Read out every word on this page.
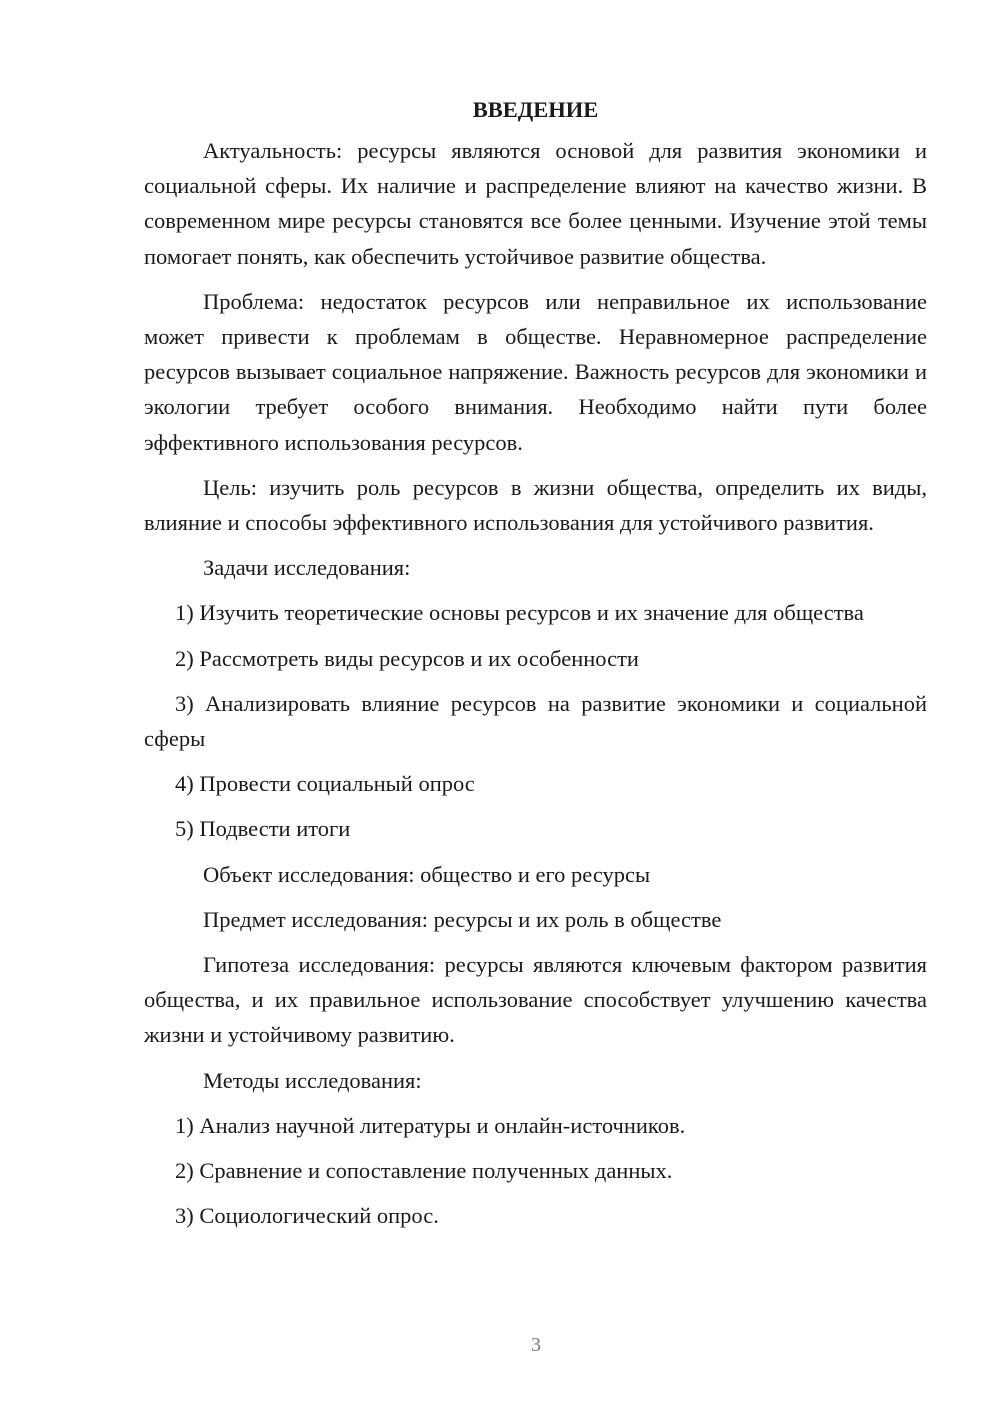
ВВЕДЕНИЕ

Актуальность: ресурсы являются основой для развития экономики и социальной сферы. Их наличие и распределение влияют на качество жизни. В современном мире ресурсы становятся все более ценными. Изучение этой темы помогает понять, как обеспечить устойчивое развитие общества.

Проблема: недостаток ресурсов или неправильное их использование может привести к проблемам в обществе. Неравномерное распределение ресурсов вызывает социальное напряжение. Важность ресурсов для экономики и экологии требует особого внимания. Необходимо найти пути более эффективного использования ресурсов.

Цель: изучить роль ресурсов в жизни общества, определить их виды, влияние и способы эффективного использования для устойчивого развития.

Задачи исследования:

1) Изучить теоретические основы ресурсов и их значение для общества

2) Рассмотреть виды ресурсов и их особенности

3) Анализировать влияние ресурсов на развитие экономики и социальной сферы

4) Провести социальный опрос

5) Подвести итоги

Объект исследования: общество и его ресурсы

Предмет исследования: ресурсы и их роль в обществе

Гипотеза исследования: ресурсы являются ключевым фактором развития общества, и их правильное использование способствует улучшению качества жизни и устойчивому развитию.

Методы исследования:

1) Анализ научной литературы и онлайн-источников.

2) Сравнение и сопоставление полученных данных.

3) Социологический опрос.

3
